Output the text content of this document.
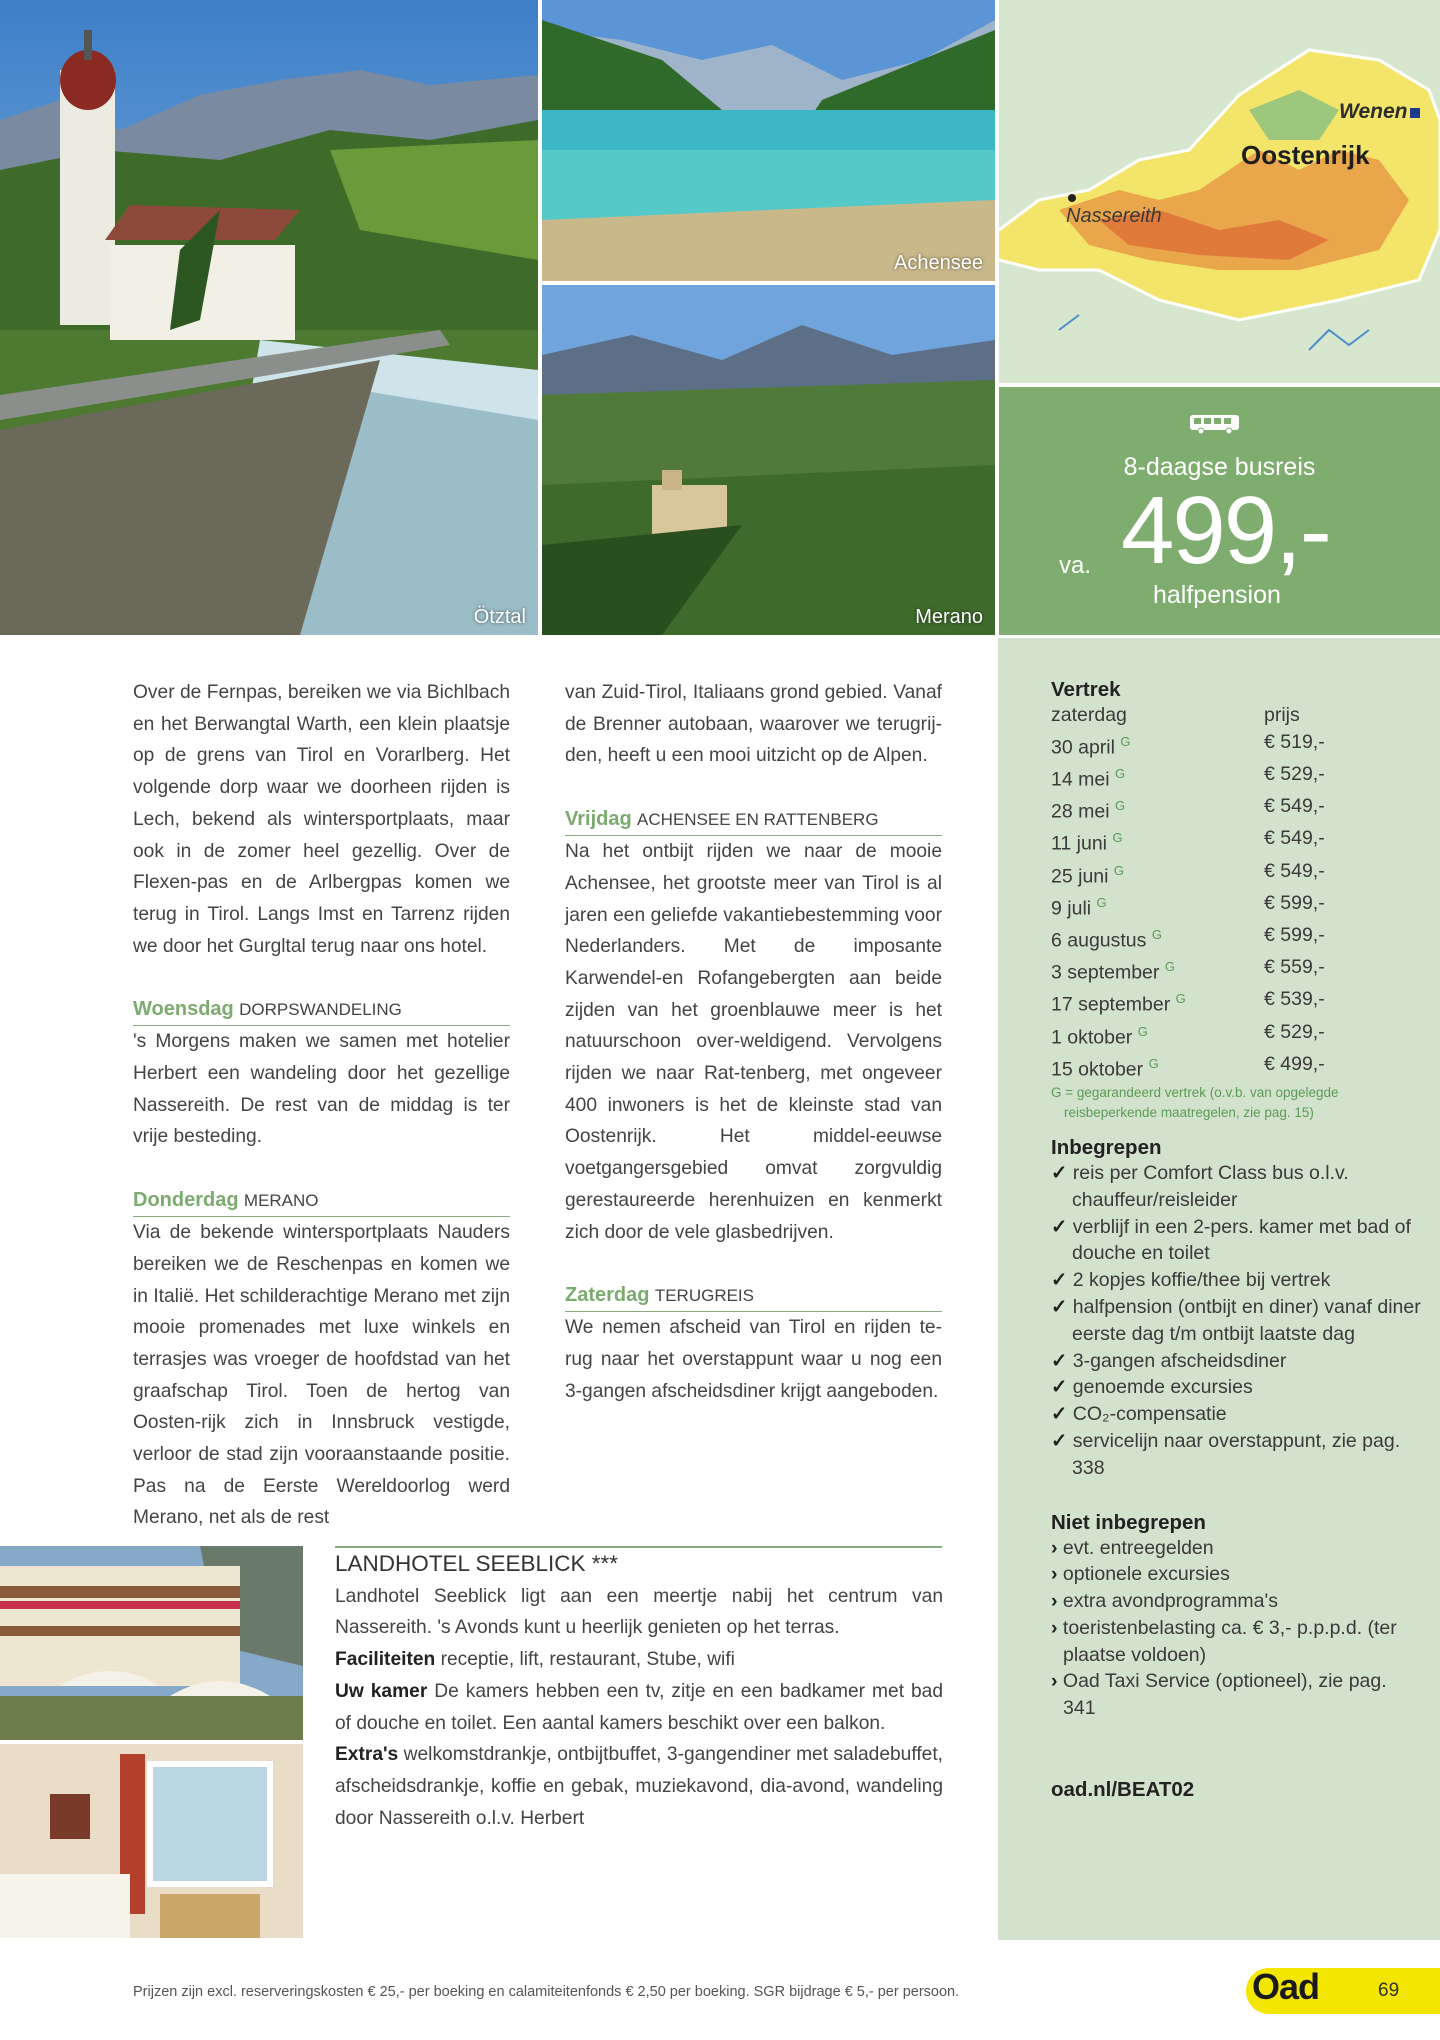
Ötztal
Achensee
Merano
Wenen
Oostenrijk
Nassereith
8-daagse busreis
va. 499,-
halfpension

Over de Fernpas, bereiken we via Bichlbach en het Berwangtal Warth, een klein plaatsje op de grens van Tirol en Vorarlberg. Het volgende dorp waar we doorheen rijden is Lech, bekend als wintersportplaats, maar ook in de zomer heel gezellig. Over de Flexen-pas en de Arlbergpas komen we terug in Tirol. Langs Imst en Tarrenz rijden we door het Gurgltal terug naar ons hotel.

Woensdag DORPSWANDELING

's Morgens maken we samen met hotelier Herbert een wandeling door het gezellige Nassereith. De rest van de middag is ter vrije besteding.

Donderdag MERANO

Via de bekende wintersportplaats Nauders bereiken we de Reschenpas en komen we in Italië. Het schilderachtige Merano met zijn mooie promenades met luxe winkels en terrasjes was vroeger de hoofdstad van het graafschap Tirol. Toen de hertog van Oosten-rijk zich in Innsbruck vestigde, verloor de stad zijn vooraanstaande positie. Pas na de Eerste Wereldoorlog werd Merano, net als de rest

van Zuid-Tirol, Italiaans grond gebied. Vanaf de Brenner autobaan, waarover we terugrij-den, heeft u een mooi uitzicht op de Alpen.

Vrijdag ACHENSEE EN RATTENBERG

Na het ontbijt rijden we naar de mooie Achensee, het grootste meer van Tirol is al jaren een geliefde vakantiebestemming voor Nederlanders. Met de imposante Karwendel-en Rofangebergten aan beide zijden van het groenblauwe meer is het natuurschoon over-weldigend. Vervolgens rijden we naar Rat-tenberg, met ongeveer 400 inwoners is het de kleinste stad van Oostenrijk. Het middel-eeuwse voetgangersgebied omvat zorgvuldig gerestaureerde herenhuizen en kenmerkt zich door de vele glasbedrijven.

Zaterdag TERUGREIS

We nemen afscheid van Tirol en rijden te-rug naar het overstappunt waar u nog een 3-gangen afscheidsdiner krijgt aangeboden.

LANDHOTEL SEEBLICK ***

Landhotel Seeblick ligt aan een meertje nabij het centrum van Nassereith. 's Avonds kunt u heerlijk genieten op het terras.

Faciliteiten receptie, lift, restaurant, Stube, wifi

Uw kamer De kamers hebben een tv, zitje en een badkamer met bad of douche en toilet. Een aantal kamers beschikt over een balkon.

Extra's welkomstdrankje, ontbijtbuffet, 3-gangendiner met saladebuffet, afscheidsdrankje, koffie en gebak, muziekavond, dia-avond, wandeling door Nassereith o.l.v. Herbert

Vertrek
zaterdag	prijs
30 april $^G$	€ 519,-
14 mei $^G$	€ 529,-
28 mei $^G$	€ 549,-
11 juni $^G$	€ 549,-
25 juni $^G$	€ 549,-
9 juli $^G$	€ 599,-
6 augustus $^G$	€ 599,-
3 september $^G$	€ 559,-
17 september $^G$	€ 539,-
1 oktober $^G$	€ 529,-
15 oktober $^G$	€ 499,-
G = gegarandeerd vertrek (o.v.b. van opgelegde
reisbeperkende maatregelen, zie pag. 15)
Inbegrepen
✓ reis per Comfort Class bus o.l.v. chauffeur/reisleider
✓ verblijf in een 2-pers. kamer met bad of douche en toilet
✓ 2 kopjes koffie/thee bij vertrek
✓ halfpension (ontbijt en diner) vanaf diner eerste dag t/m ontbijt laatste dag
✓ 3-gangen afscheidsdiner
✓ genoemde excursies
✓ CO₂-compensatie
✓ servicelijn naar overstappunt, zie pag. 338
Niet inbegrepen
› evt. entreegelden
› optionele excursies
› extra avondprogramma's
› toeristenbelasting ca. € 3,- p.p.p.d. (ter plaatse voldoen)
› Oad Taxi Service (optioneel), zie pag. 341
oad.nl/BEAT02
Prijzen zijn excl. reserveringskosten € 25,- per boeking en calamiteitenfonds € 2,50 per boeking. SGR bijdrage € 5,- per persoon.	Oad	69
